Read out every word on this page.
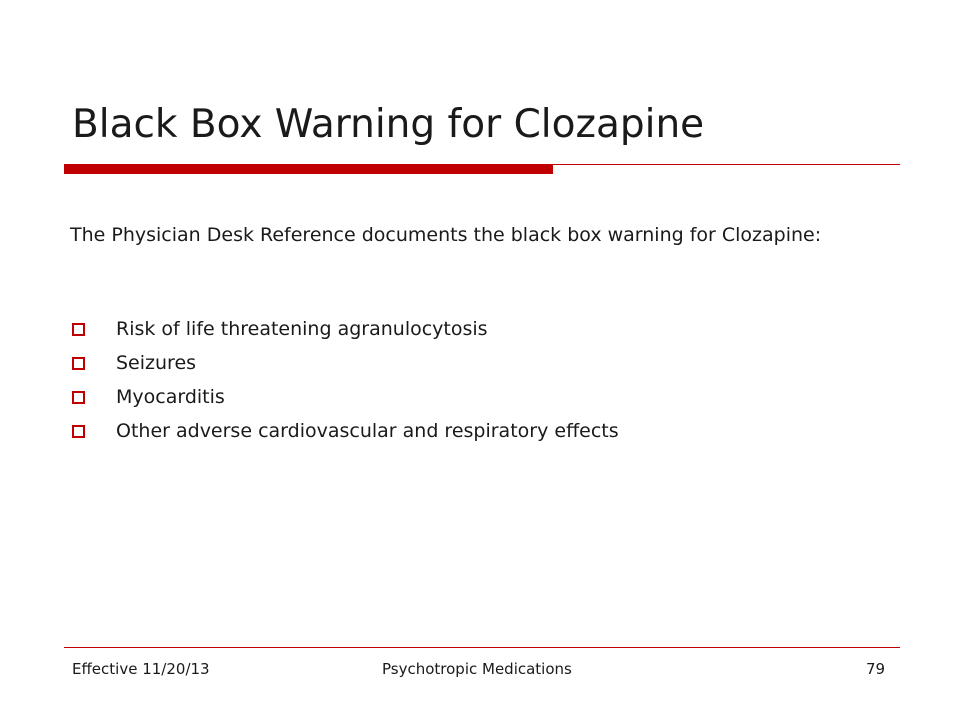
Black Box Warning for Clozapine

The Physician Desk Reference documents the black box warning for Clozapine:

Risk of life threatening agranulocytosis
Seizures
Myocarditis
Other adverse cardiovascular and respiratory effects
Effective 11/20/13	Psychotropic Medications	79
